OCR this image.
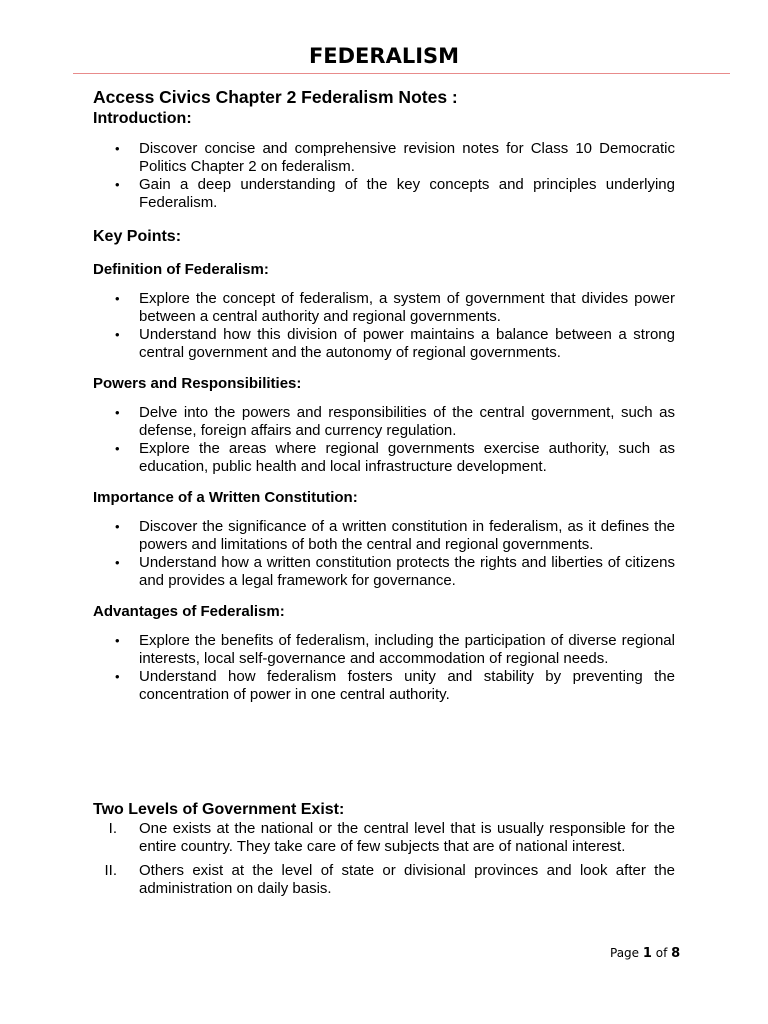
FEDERALISM
Access Civics Chapter 2 Federalism Notes :
Introduction:
• Discover concise and comprehensive revision notes for Class 10 Democratic Politics Chapter 2 on federalism.
• Gain a deep understanding of the key concepts and principles underlying Federalism.
Key Points:
Definition of Federalism:
• Explore the concept of federalism, a system of government that divides power between a central authority and regional governments.
• Understand how this division of power maintains a balance between a strong central government and the autonomy of regional governments.
Powers and Responsibilities:
• Delve into the powers and responsibilities of the central government, such as defense, foreign affairs and currency regulation.
• Explore the areas where regional governments exercise authority, such as education, public health and local infrastructure development.
Importance of a Written Constitution:
• Discover the significance of a written constitution in federalism, as it defines the powers and limitations of both the central and regional governments.
• Understand how a written constitution protects the rights and liberties of citizens and provides a legal framework for governance.
Advantages of Federalism:
• Explore the benefits of federalism, including the participation of diverse regional interests, local self-governance and accommodation of regional needs.
• Understand how federalism fosters unity and stability by preventing the concentration of power in one central authority.
Two Levels of Government Exist:
I. One exists at the national or the central level that is usually responsible for the entire country. They take care of few subjects that are of national interest.
II. Others exist at the level of state or divisional provinces and look after the administration on daily basis.
Page 1 of 8
